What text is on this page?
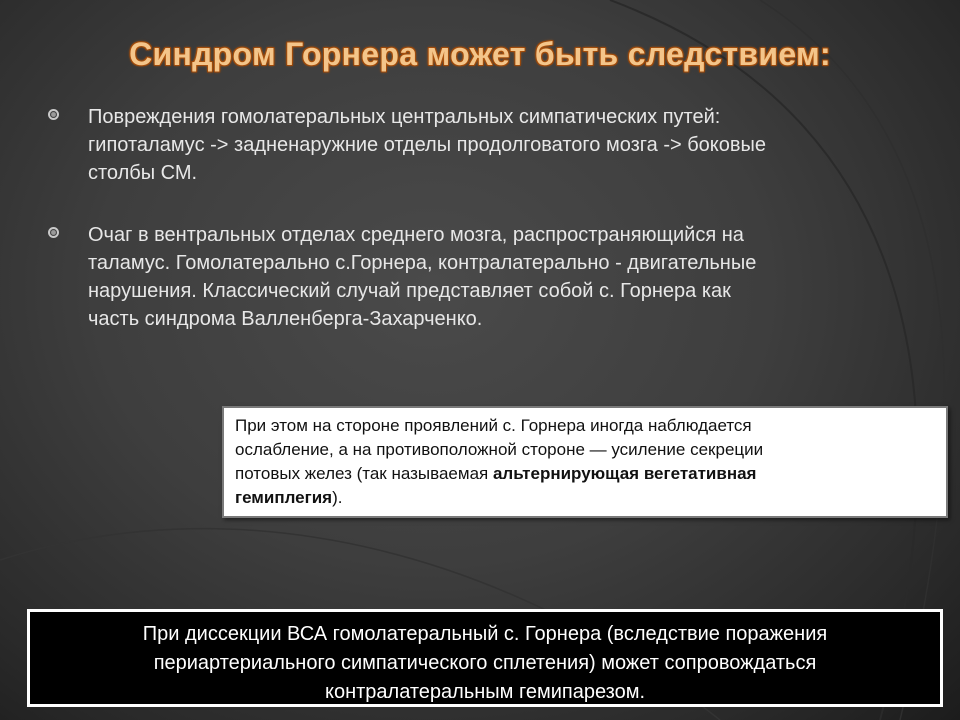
Синдром Горнера может быть следствием:
Повреждения гомолатеральных центральных симпатических путей:
гипоталамус -> задненаружние отделы продолговатого мозга -> боковые
столбы СМ.
Очаг в вентральных отделах среднего мозга, распространяющийся на
таламус. Гомолатерально с.Горнера, контралатерально - двигательные
нарушения. Классический случай представляет собой с. Горнера как
часть синдрома Валленберга-Захарченко.
При этом на стороне проявлений с. Горнера иногда наблюдается
ослабление, а на противоположной стороне — усиление секреции
потовых желез (так называемая альтернирующая вегетативная
гемиплегия).
При диссекции ВСА гомолатеральный с. Горнера (вследствие поражения
периартериального симпатического сплетения) может сопровождаться
контралатеральным гемипарезом.
